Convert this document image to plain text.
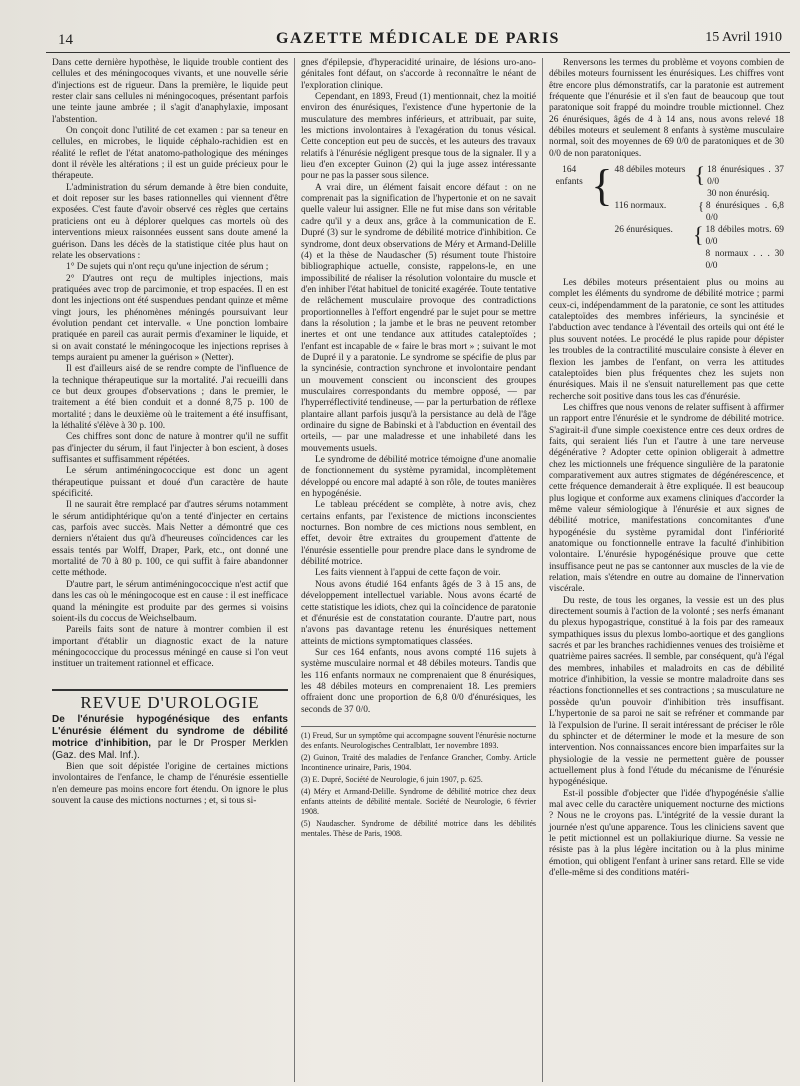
14	GAZETTE MÉDICALE DE PARIS	15 Avril 1910

Dans cette dernière hypothèse, le liquide trouble contient des cellules et des méningocoques vivants, et une nouvelle série d'injections est de rigueur. Dans la première, le liquide peut rester clair sans cellules ni méningocoques, présentant parfois une teinte jaune ambrée ; il s'agit d'anaphylaxie, imposant l'abstention.

On conçoit donc l'utilité de cet examen : par sa teneur en cellules, en microbes, le liquide céphalo-rachidien est en réalité le reflet de l'état anatomo-pathologique des méninges dont il révèle les altérations ; il est un guide précieux pour le thérapeute.

L'administration du sérum demande à être bien conduite, et doit reposer sur les bases rationnelles qui viennent d'être exposées. C'est faute d'avoir observé ces règles que certains praticiens ont eu à déplorer quelques cas mortels où des interventions mieux raisonnées eussent sans doute amené la guérison. Dans les décès de la statistique citée plus haut on relate les observations :

1° De sujets qui n'ont reçu qu'une injection de sérum ;

2° D'autres ont reçu de multiples injections, mais pratiquées avec trop de parcimonie, et trop espacées. Il en est dont les injections ont été suspendues pendant quinze et même vingt jours, les phénomènes méningés poursuivant leur évolution pendant cet intervalle. « Une ponction lombaire pratiquée en pareil cas aurait permis d'examiner le liquide, et si on avait constaté le méningocoque les injections reprises à temps auraient pu amener la guérison » (Netter).

Il est d'ailleurs aisé de se rendre compte de l'influence de la technique thérapeutique sur la mortalité. J'ai recueilli dans ce but deux groupes d'observations ; dans le premier, le traitement a été bien conduit et a donné 8,75 p. 100 de mortalité ; dans le deuxième où le traitement a été insuffisant, la léthalité s'élève à 30 p. 100.

Ces chiffres sont donc de nature à montrer qu'il ne suffit pas d'injecter du sérum, il faut l'injecter à bon escient, à doses suffisantes et suffisamment répétées.

Le sérum antiméningococcique est donc un agent thérapeutique puissant et doué d'un caractère de haute spécificité.

Il ne saurait être remplacé par d'autres sérums notamment le sérum antidiphtérique qu'on a tenté d'injecter en certains cas, parfois avec succès. Mais Netter a démontré que ces derniers n'étaient dus qu'à d'heureuses coïncidences car les essais tentés par Wolff, Draper, Park, etc., ont donné une mortalité de 70 à 80 p. 100, ce qui suffit à faire abandonner cette méthode.

D'autre part, le sérum antiméningococcique n'est actif que dans les cas où le méningocoque est en cause : il est inefficace quand la méningite est produite par des germes si voisins soient-ils du coccus de Weichselbaum.

Pareils faits sont de nature à montrer combien il est important d'établir un diagnostic exact de la nature méningococcique du processus méningé en cause si l'on veut instituer un traitement rationnel et efficace.

REVUE D'UROLOGIE

De l'énurésie hypogénésique des enfants L'énurésie élément du syndrome de débilité motrice d'inhibition, par le Dr Prosper Merklen (Gaz. des Mal. Inf.).

Bien que soit dépistée l'origine de certaines mictions involontaires de l'enfance, le champ de l'énurésie essentielle n'en demeure pas moins encore fort étendu. On ignore le plus souvent la cause des mictions nocturnes ; et, si tous si-

gnes d'épilepsie, d'hyperacidité urinaire, de lésions uro-ano-génitales font défaut, on s'accorde à reconnaître le néant de l'exploration clinique.

Cependant, en 1893, Freud (1) mentionnait, chez la moitié environ des énurésiques, l'existence d'une hypertonie de la musculature des membres inférieurs, et attribuait, par suite, les mictions involontaires à l'exagération du tonus vésical. Cette conception eut peu de succès, et les auteurs des travaux relatifs à l'énurésie négligent presque tous de la signaler. Il y a lieu d'en excepter Guinon (2) qui la juge assez intéressante pour ne pas la passer sous silence.

A vrai dire, un élément faisait encore défaut : on ne comprenait pas la signification de l'hypertonie et on ne savait quelle valeur lui assigner. Elle ne fut mise dans son véritable cadre qu'il y a deux ans, grâce à la communication de E. Dupré (3) sur le syndrome de débilité motrice d'inhibition. Ce syndrome, dont deux observations de Méry et Armand-Delille (4) et la thèse de Naudascher (5) résument toute l'histoire bibliographique actuelle, consiste, rappelons-le, en une impossibilité de réaliser la résolution volontaire du muscle et d'en inhiber l'état habituel de tonicité exagérée. Toute tentative de relâchement musculaire provoque des contradictions proportionnelles à l'effort engendré par le sujet pour se mettre dans la résolution ; la jambe et le bras ne peuvent retomber inertes et ont une tendance aux attitudes cataleptoïdes ; l'enfant est incapable de « faire le bras mort » ; suivant le mot de Dupré il y a paratonie. Le syndrome se spécifie de plus par la syncinésie, contraction synchrone et involontaire pendant un mouvement conscient ou inconscient des groupes musculaires correspondants du membre opposé, — par l'hyperréflectivité tendineuse, — par la perturbation de réflexe plantaire allant parfois jusqu'à la persistance au delà de l'âge ordinaire du signe de Babinski et à l'abduction en éventail des orteils, — par une maladresse et une inhabileté dans les mouvements usuels.

Le syndrome de débilité motrice témoigne d'une anomalie de fonctionnement du système pyramidal, incomplètement développé ou encore mal adapté à son rôle, de toutes manières en hypogénésie.

Le tableau précédent se complète, à notre avis, chez certains enfants, par l'existence de mictions inconscientes nocturnes. Bon nombre de ces mictions nous semblent, en effet, devoir être extraites du groupement d'attente de l'énurésie essentielle pour prendre place dans le syndrome de débilité motrice.

Les faits viennent à l'appui de cette façon de voir.

Nous avons étudié 164 enfants âgés de 3 à 15 ans, de développement intellectuel variable. Nous avons écarté de cette statistique les idiots, chez qui la coïncidence de paratonie et d'énurésie est de constatation courante. D'autre part, nous n'avons pas davantage retenu les énurésiques nettement atteints de mictions symptomatiques classées.

Sur ces 164 enfants, nous avons compté 116 sujets à système musculaire normal et 48 débiles moteurs. Tandis que les 116 enfants normaux ne comprenaient que 8 énurésiques, les 48 débiles moteurs en comprenaient 18. Les premiers offraient donc une proportion de 6,8 0/0 d'énurésiques, les seconds de 37 0/0.

(1) Freud, Sur un symptôme qui accompagne souvent l'énurésie nocturne des enfants. Neurologisches Centralblatt, 1er novembre 1893.

(2) Guinon, Traité des maladies de l'enfance Grancher, Comby. Article Incontinence urinaire, Paris, 1904.

(3) E. Dupré, Société de Neurologie, 6 juin 1907, p. 625.

(4) Méry et Armand-Delille. Syndrome de débilité motrice chez deux enfants atteints de débilité mentale. Société de Neurologie, 6 février 1908.

(5) Naudascher. Syndrome de débilité motrice dans les débilités mentales. Thèse de Paris, 1908.

Renversons les termes du problème et voyons combien de débiles moteurs fournissent les énurésiques. Les chiffres vont être encore plus démonstratifs, car la paratonie est autrement fréquente que l'énurésie et il s'en faut de beaucoup que tout paratonique soit frappé du moindre trouble mictionnel. Chez 26 énurésiques, âgés de 4 à 14 ans, nous avons relevé 18 débiles moteurs et seulement 8 enfants à système musculaire normal, soit des moyennes de 69 0/0 de paratoniques et de 30 0/0 de non paratoniques.

164
enfants { 48 débiles moteurs { 18 énurésiques . 37 0/0
30 non énurésiq.
116 normaux.	{ 8 énurésiques . 6,8 0/0
26 énurésiques. { 18 débiles motrs. 69 0/0
8 normaux . . . 30 0/0

Les débiles moteurs présentaient plus ou moins au complet les éléments du syndrome de débilité motrice ; parmi ceux-ci, indépendamment de la paratonie, ce sont les attitudes cataleptoïdes des membres inférieurs, la syncinésie et l'abduction avec tendance à l'éventail des orteils qui ont été le plus souvent notées. Le procédé le plus rapide pour dépister les troubles de la contractilité musculaire consiste à élever en flexion les jambes de l'enfant, on verra les attitudes cataleptoïdes bien plus fréquentes chez les sujets non énurésiques. Mais il ne s'ensuit naturellement pas que cette recherche soit positive dans tous les cas d'énurésie.

Les chiffres que nous venons de relater suffisent à affirmer un rapport entre l'énurésie et le syndrome de débilité motrice. S'agirait-il d'une simple coexistence entre ces deux ordres de faits, qui seraient liés l'un et l'autre à une tare nerveuse dégénérative ? Adopter cette opinion obligerait à admettre chez les mictionnels une fréquence singulière de la paratonie comparativement aux autres stigmates de dégénérescence, et cette fréquence demanderait à être expliquée. Il est beaucoup plus logique et conforme aux examens cliniques d'accorder la même valeur sémiologique à l'énurésie et aux signes de débilité motrice, manifestations concomitantes d'une hypogénésie du système pyramidal dont l'infériorité anatomique ou fonctionnelle entrave la faculté d'inhibition volontaire. L'énurésie hypogénésique prouve que cette insuffisance peut ne pas se cantonner aux muscles de la vie de relation, mais s'étendre en outre au domaine de l'innervation viscérale.

Du reste, de tous les organes, la vessie est un des plus directement soumis à l'action de la volonté ; ses nerfs émanant du plexus hypogastrique, constitué à la fois par des rameaux sympathiques issus du plexus lombo-aortique et des ganglions sacrés et par les branches rachidiennes venues des troisième et quatrième paires sacrées. Il semble, par conséquent, qu'à l'égal des membres, inhabiles et maladroits en cas de débilité motrice d'inhibition, la vessie se montre maladroite dans ses réactions fonctionnelles et ses contractions ; sa musculature ne possède qu'un pouvoir d'inhibition très insuffisant. L'hypertonie de sa paroi ne sait se refréner et commande par là l'expulsion de l'urine. Il serait intéressant de préciser le rôle du sphincter et de déterminer le mode et la mesure de son intervention. Nos connaissances encore bien imparfaites sur la physiologie de la vessie ne permettent guère de pousser actuellement plus à fond l'étude du mécanisme de l'énurésie hypogénésique.

Est-il possible d'objecter que l'idée d'hypogénésie s'allie mal avec celle du caractère uniquement nocturne des mictions ? Nous ne le croyons pas. L'intégrité de la vessie durant la journée n'est qu'une apparence. Tous les cliniciens savent que le petit mictionnel est un pollakiurique diurne. Sa vessie ne résiste pas à la plus légère incitation ou à la plus minime émotion, qui obligent l'enfant à uriner sans retard. Elle se vide d'elle-même si des conditions matéri-
